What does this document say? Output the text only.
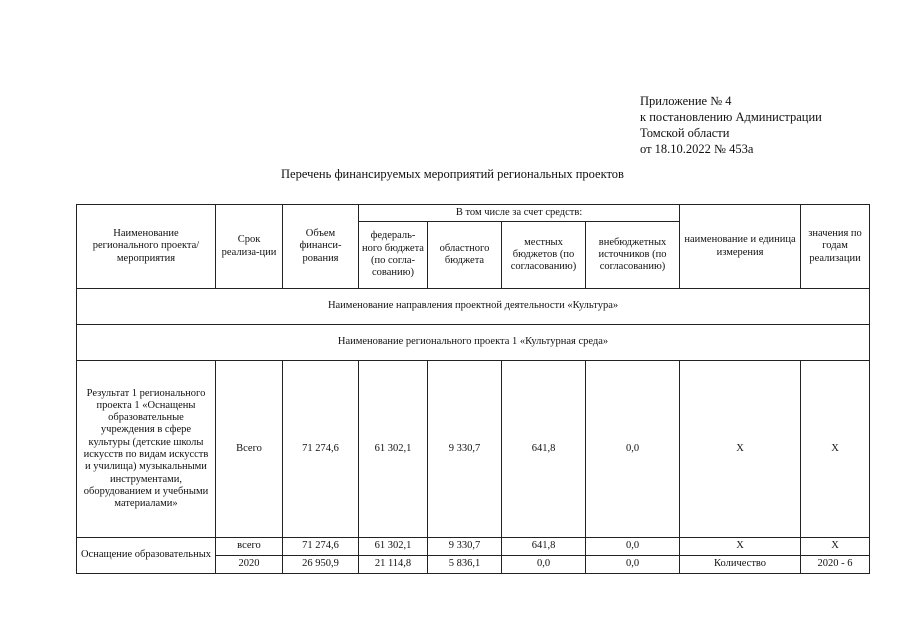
Приложение № 4
к постановлению Администрации
Томской области
от 18.10.2022 № 453а
Перечень финансируемых мероприятий региональных проектов
Наименование регионального проекта/ мероприятия	Срок реализа-ции	Объем финанси-рования	В том числе за счет средств:				наименование и единица измерения	значения по годам реализации
			федераль-ного бюджета (по согла-сованию)	областного бюджета	местных бюджетов (по согласованию)	внебюджетных источников (по согласованию)		
Наименование направления проектной деятельности «Культура»								
Наименование регионального проекта 1 «Культурная среда»								
Результат 1 регионального проекта 1 «Оснащены образовательные учреждения в сфере культуры (детские школы искусств по видам искусств и училища) музыкальными инструментами, оборудованием и учебными материалами»	Всего	71 274,6	61 302,1	9 330,7	641,8	0,0	Х	Х
Оснащение образовательных	всего	71 274,6	61 302,1	9 330,7	641,8	0,0	Х	Х
	2020	26 950,9	21 114,8	5 836,1	0,0	0,0	Количество	2020 - 6
